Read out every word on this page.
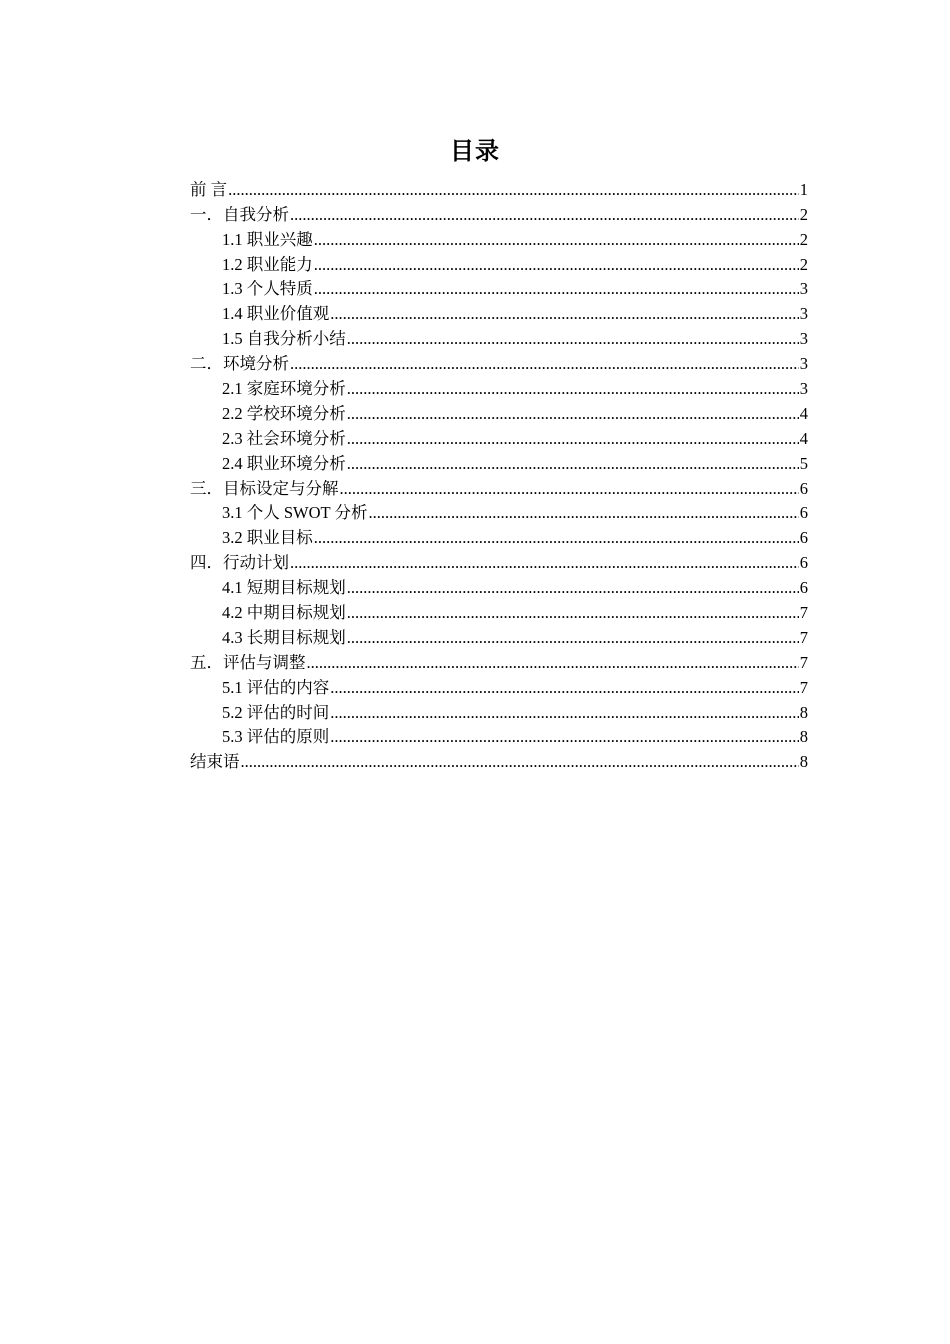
目录
前 言 .....	1
一．自我分析 .....	2
1.1 职业兴趣 .....	2
1.2 职业能力 .....	2
1.3 个人特质 .....	3
1.4 职业价值观 .....	3
1.5 自我分析小结 .....	3
二．环境分析 .....	3
2.1 家庭环境分析 .....	3
2.2 学校环境分析 .....	4
2.3 社会环境分析 .....	4
2.4 职业环境分析 .....	5
三．目标设定与分解 .....	6
3.1 个人 SWOT 分析 .....	6
3.2 职业目标 .....	6
四．行动计划 .....	6
4.1 短期目标规划 .....	6
4.2 中期目标规划 .....	7
4.3 长期目标规划 .....	7
五．评估与调整 .....	7
5.1 评估的内容 .....	7
5.2 评估的时间 .....	8
5.3 评估的原则 .....	8
结束语 .....	8
